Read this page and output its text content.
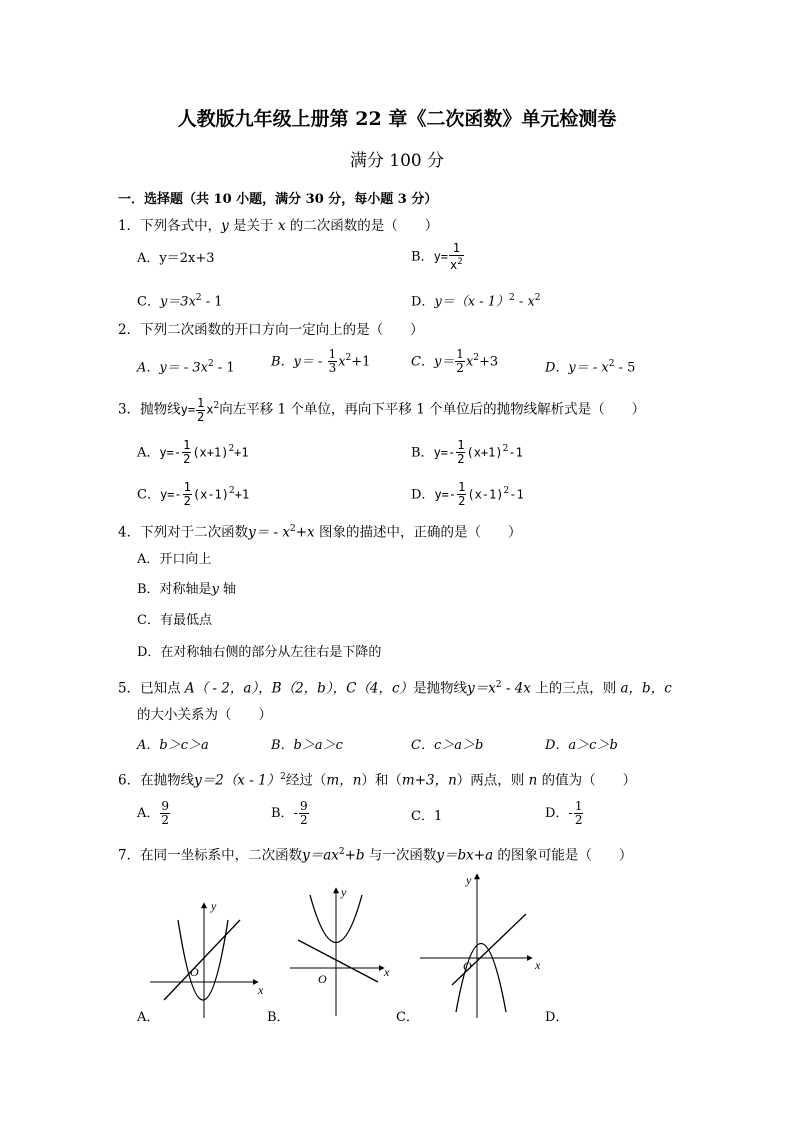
人教版九年级上册第 22 章《二次函数》单元检测卷
满分 100 分
一．选择题（共 10 小题，满分 30 分，每小题 3 分）
1．下列各式中，y 是关于 x 的二次函数的是（　　）
A．y＝2x+3	B．$y= \frac{1}{x^2}$
C．$y=3x^2 - 1$	D．$y=(x - 1)^2 - x^2$
2．下列二次函数的开口方向一定向上的是（　　）
A．$y= - 3x^2 - 1$	B．$y= - \frac{1}{3} x^2+1$	C．$y= \frac{1}{2} x^2+3$	D．$y= - x^2 - 5$
3．抛物线$y= \frac{1}{2} x^2$向左平移 1 个单位，再向下平移 1 个单位后的抛物线解析式是（　　）
A．$y=- \frac{1}{2} (x+1)^2+1$	B．$y=- \frac{1}{2} (x+1)^2-1$
C．$y=- \frac{1}{2} (x-1)^2+1$	D．$y=- \frac{1}{2} (x-1)^2-1$
4．下列对于二次函数$y= - x^2+x$ 图象的描述中，正确的是（　　）
A．开口向上
B．对称轴是y 轴
C．有最低点
D．在对称轴右侧的部分从左往右是下降的
5．已知点 A（ - 2，a），B（2，b），C（4，c）是抛物线$y=x^2 - 4x$ 上的三点，则 a，b，c
的大小关系为（　　）
A．b＞c＞a	B．b＞a＞c	C．c＞a＞b	D．a＞c＞b
6．在抛物线y＝2（x - 1）$^2$经过（m，n）和（m+3，n）两点，则 n 的值为（　　）
A． $\frac{9}{2}$	B．- $\frac{9}{2}$	C．1	D．- $\frac{1}{2}$
7．在同一坐标系中，二次函数$y=ax^2+b$ 与一次函数y＝bx+a 的图象可能是（　　）
O
x
y
O	x
y
O	x
y
A．	B．	C．	D．
